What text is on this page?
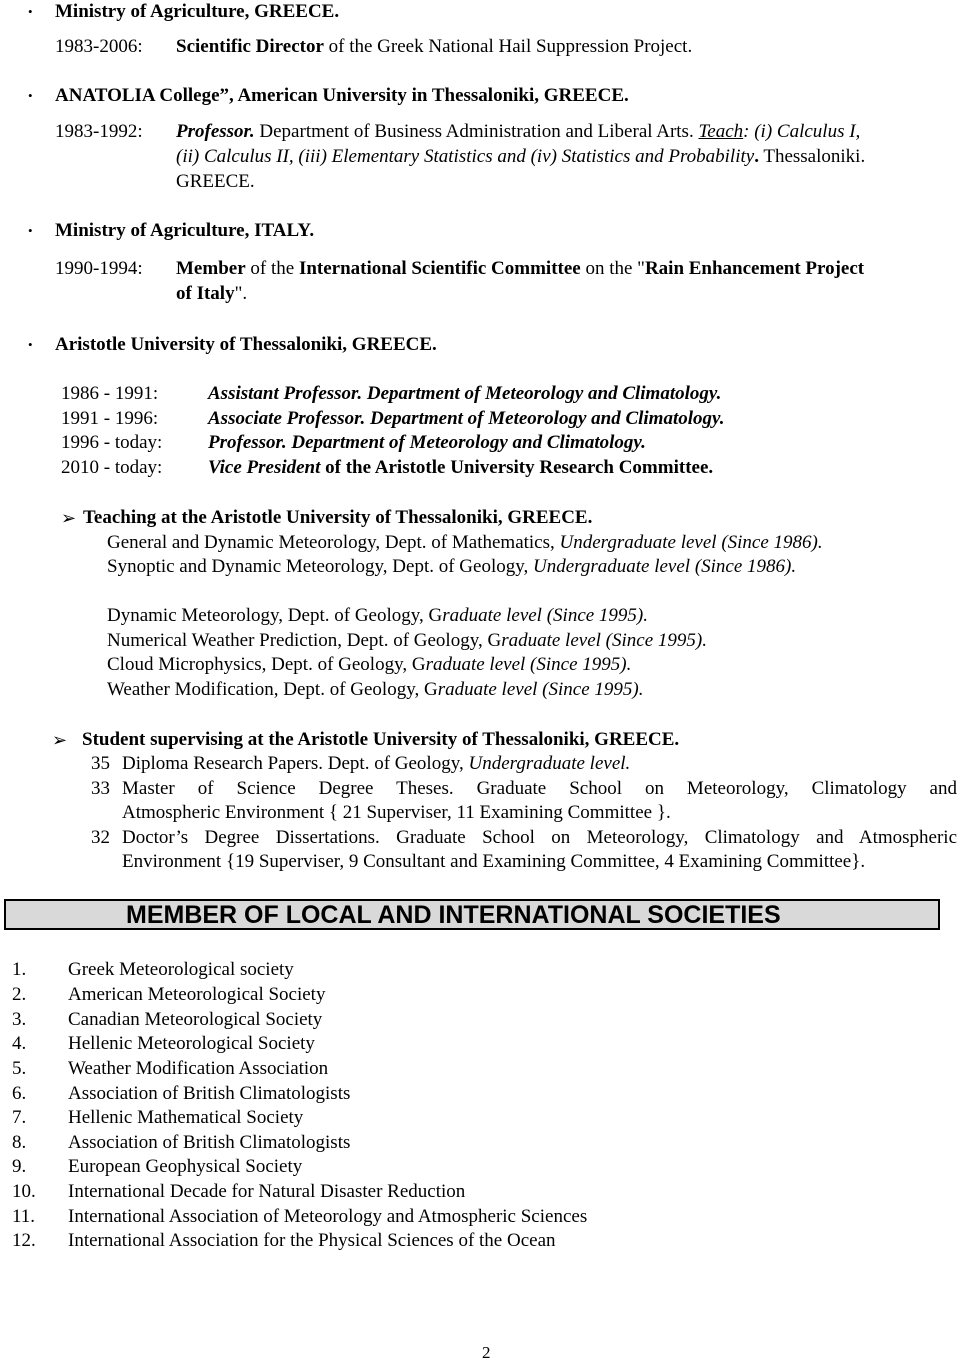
• Ministry of Agriculture, GREECE.
1983-2006: Scientific Director of the Greek National Hail Suppression Project.
• ANATOLIA College”, American University in Thessaloniki, GREECE.
1983-1992: Professor. Department of Business Administration and Liberal Arts. Teach: (i) Calculus I,
(ii) Calculus II, (iii) Elementary Statistics and (iv) Statistics and Probability. Thessaloniki.
GREECE.
• Ministry of Agriculture, ITALY.
1990-1994: Member of the International Scientific Committee on the "Rain Enhancement Project
of Italy".
• Aristotle University of Thessaloniki, GREECE.
1986 - 1991:	Assistant Professor. Department of Meteorology and Climatology.
1991 - 1996:	Associate Professor. Department of Meteorology and Climatology.
1996 - today: Professor. Department of Meteorology and Climatology.
2010 - today: Vice President of the Aristotle University Research Committee.
➢ Teaching at the Aristotle University of Thessaloniki, GREECE.
General and Dynamic Meteorology, Dept. of Mathematics, Undergraduate level (Since 1986).
Synoptic and Dynamic Meteorology, Dept. of Geology, Undergraduate level (Since 1986).
Dynamic Meteorology, Dept. of Geology, Graduate level (Since 1995).
Numerical Weather Prediction, Dept. of Geology, Graduate level (Since 1995).
Cloud Microphysics, Dept. of Geology, Graduate level (Since 1995).
Weather Modification, Dept. of Geology, Graduate level (Since 1995).
➢ Student supervising at the Aristotle University of Thessaloniki, GREECE.
35 Diploma Research Papers. Dept. of Geology, Undergraduate level.
33 Master of Science Degree Theses. Graduate School on Meteorology, Climatology and
Atmospheric Environment { 21 Superviser, 11 Examining Committee }.
32 Doctor’s Degree Dissertations. Graduate School on Meteorology, Climatology and Atmospheric
Environment {19 Superviser, 9 Consultant and Examining Committee, 4 Examining Committee}.
MEMBER OF LOCAL AND INTERNATIONAL SOCIETIES
1.	Greek Meteorological society
2.	American Meteorological Society
3.	Canadian Meteorological Society
4.	Hellenic Meteorological Society
5.	Weather Modification Association
6.	Association of British Climatologists
7.	Hellenic Mathematical Society
8.	Association of British Climatologists
9.	European Geophysical Society
10.	International Decade for Natural Disaster Reduction
11.	International Association of Meteorology and Atmospheric Sciences
12.	International Association for the Physical Sciences of the Ocean
2
